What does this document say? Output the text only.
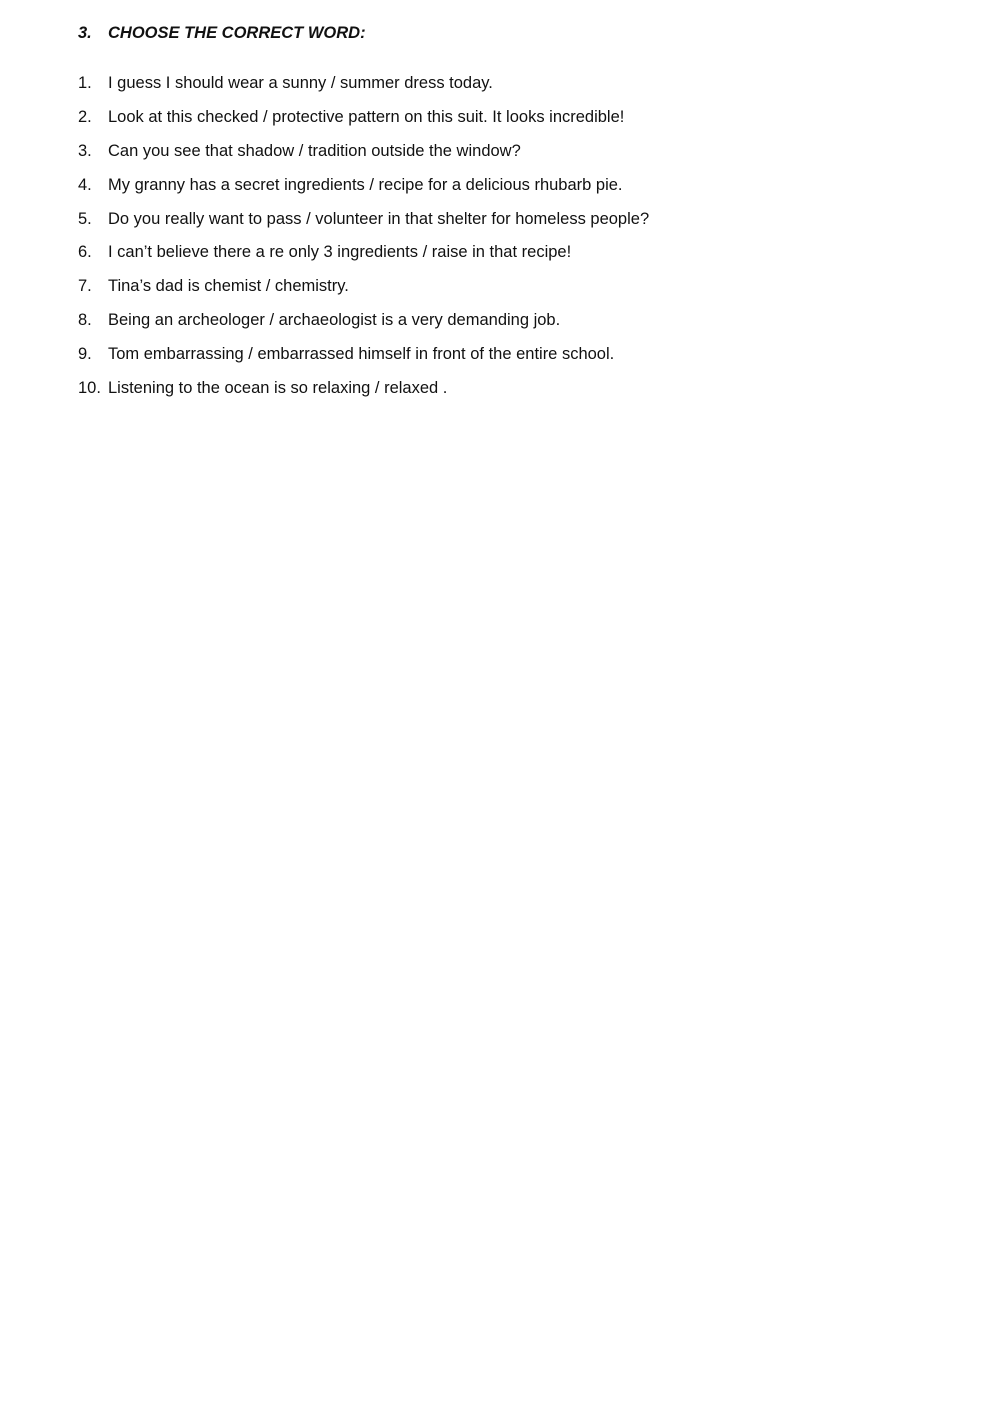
3. CHOOSE THE CORRECT WORD:
1. I guess I should wear a sunny / summer dress today.
2. Look at this checked / protective pattern on this suit. It looks incredible!
3. Can you see that shadow / tradition outside the window?
4. My granny has a secret ingredients / recipe for a delicious rhubarb pie.
5. Do you really want to pass / volunteer in that shelter for homeless people?
6. I can’t believe there a re only 3 ingredients / raise in that recipe!
7. Tina’s dad is chemist / chemistry.
8. Being an archeologer / archaeologist is a very demanding job.
9. Tom embarrassing / embarrassed himself in front of the entire school.
10. Listening to the ocean is so relaxing / relaxed .
